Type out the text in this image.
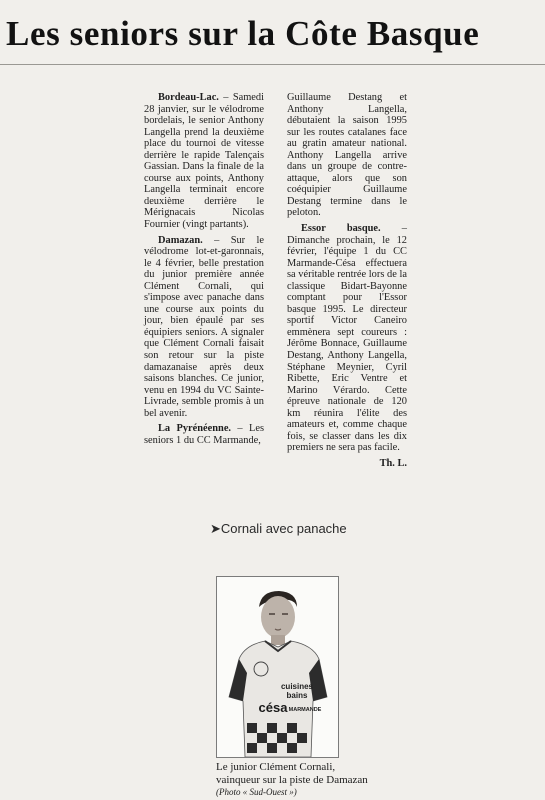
Les seniors sur la Côte Basque

Bordeau-Lac. – Samedi 28 janvier, sur le vélodrome bordelais, le senior Anthony Langella prend la deuxième place du tournoi de vitesse derrière le rapide Talençais Gassian. Dans la finale de la course aux points, Anthony Langella terminait encore deuxième derrière le Mérignacais Nicolas Fournier (vingt partants).

Damazan. – Sur le vélodrome lot-et-garonnais, le 4 février, belle prestation du junior première année Clément Cornali, qui s'impose avec panache dans une course aux points du jour, bien épaulé par ses équipiers seniors. A signaler que Clément Cornali faisait son retour sur la piste damazanaise après deux saisons blanches. Ce junior, venu en 1994 du VC Sainte-Livrade, semble promis à un bel avenir.

La Pyrénéenne. – Les seniors 1 du CC Marmande,

Guillaume Destang et Anthony Langella, débutaient la saison 1995 sur les routes catalanes face au gratin amateur national. Anthony Langella arrive dans un groupe de contre-attaque, alors que son coéquipier Guillaume Destang termine dans le peloton.

Essor basque. – Dimanche prochain, le 12 février, l'équipe 1 du CC Marmande-Césa effectuera sa véritable rentrée lors de la classique Bidart-Bayonne comptant pour l'Essor basque 1995. Le directeur sportif Victor Caneiro emmènera sept coureurs : Jérôme Bonnace, Guillaume Destang, Anthony Langella, Stéphane Meynier, Cyril Ribette, Eric Ventre et Marino Vérardo. Cette épreuve nationale de 120 km réunira l'élite des amateurs et, comme chaque fois, se classer dans les dix premiers ne sera pas facile.

Th. L.

➤Cornali avec panache
cuisines
bains
césa MARMANDE
Le junior Clément Cornali, vainqueur sur la piste de Damazan (Photo « Sud-Ouest »)
